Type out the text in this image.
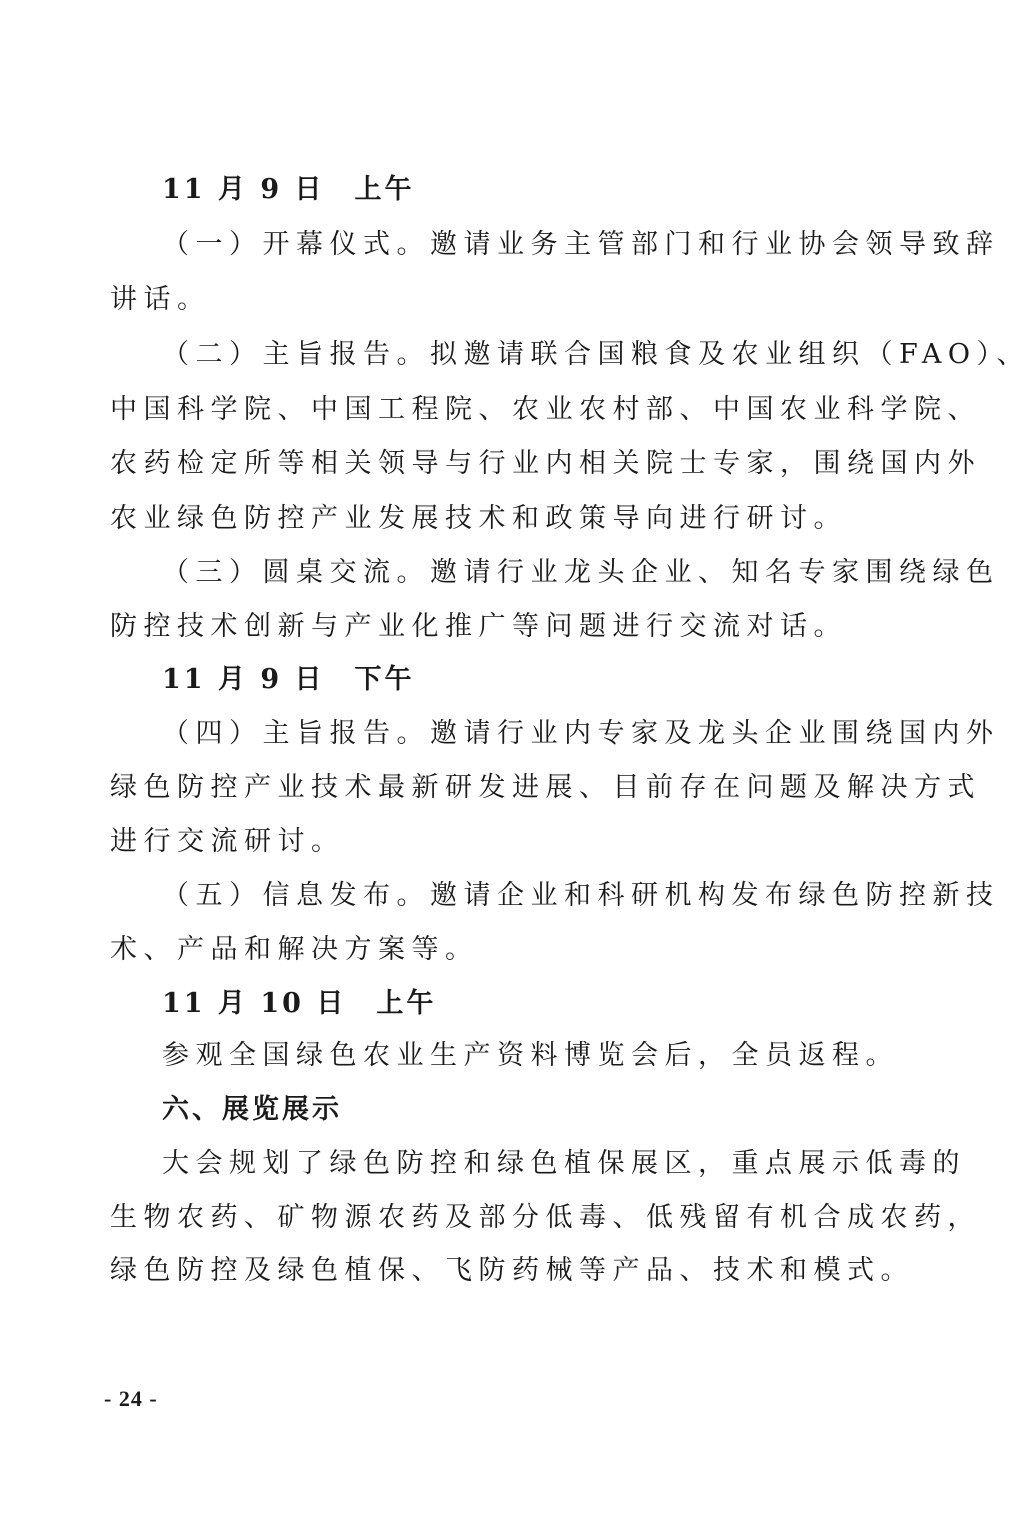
11 月 9 日　上午
（一）开幕仪式。邀请业务主管部门和行业协会领导致辞
讲话。
（二）主旨报告。拟邀请联合国粮食及农业组织（FAO）、
中国科学院、中国工程院、农业农村部、中国农业科学院、
农药检定所等相关领导与行业内相关院士专家，围绕国内外
农业绿色防控产业发展技术和政策导向进行研讨。
（三）圆桌交流。邀请行业龙头企业、知名专家围绕绿色
防控技术创新与产业化推广等问题进行交流对话。
11 月 9 日　下午
（四）主旨报告。邀请行业内专家及龙头企业围绕国内外
绿色防控产业技术最新研发进展、目前存在问题及解决方式
进行交流研讨。
（五）信息发布。邀请企业和科研机构发布绿色防控新技
术、产品和解决方案等。
11 月 10 日　上午
参观全国绿色农业生产资料博览会后，全员返程。
六、展览展示
大会规划了绿色防控和绿色植保展区，重点展示低毒的
生物农药、矿物源农药及部分低毒、低残留有机合成农药，
绿色防控及绿色植保、飞防药械等产品、技术和模式。
- 24 -
